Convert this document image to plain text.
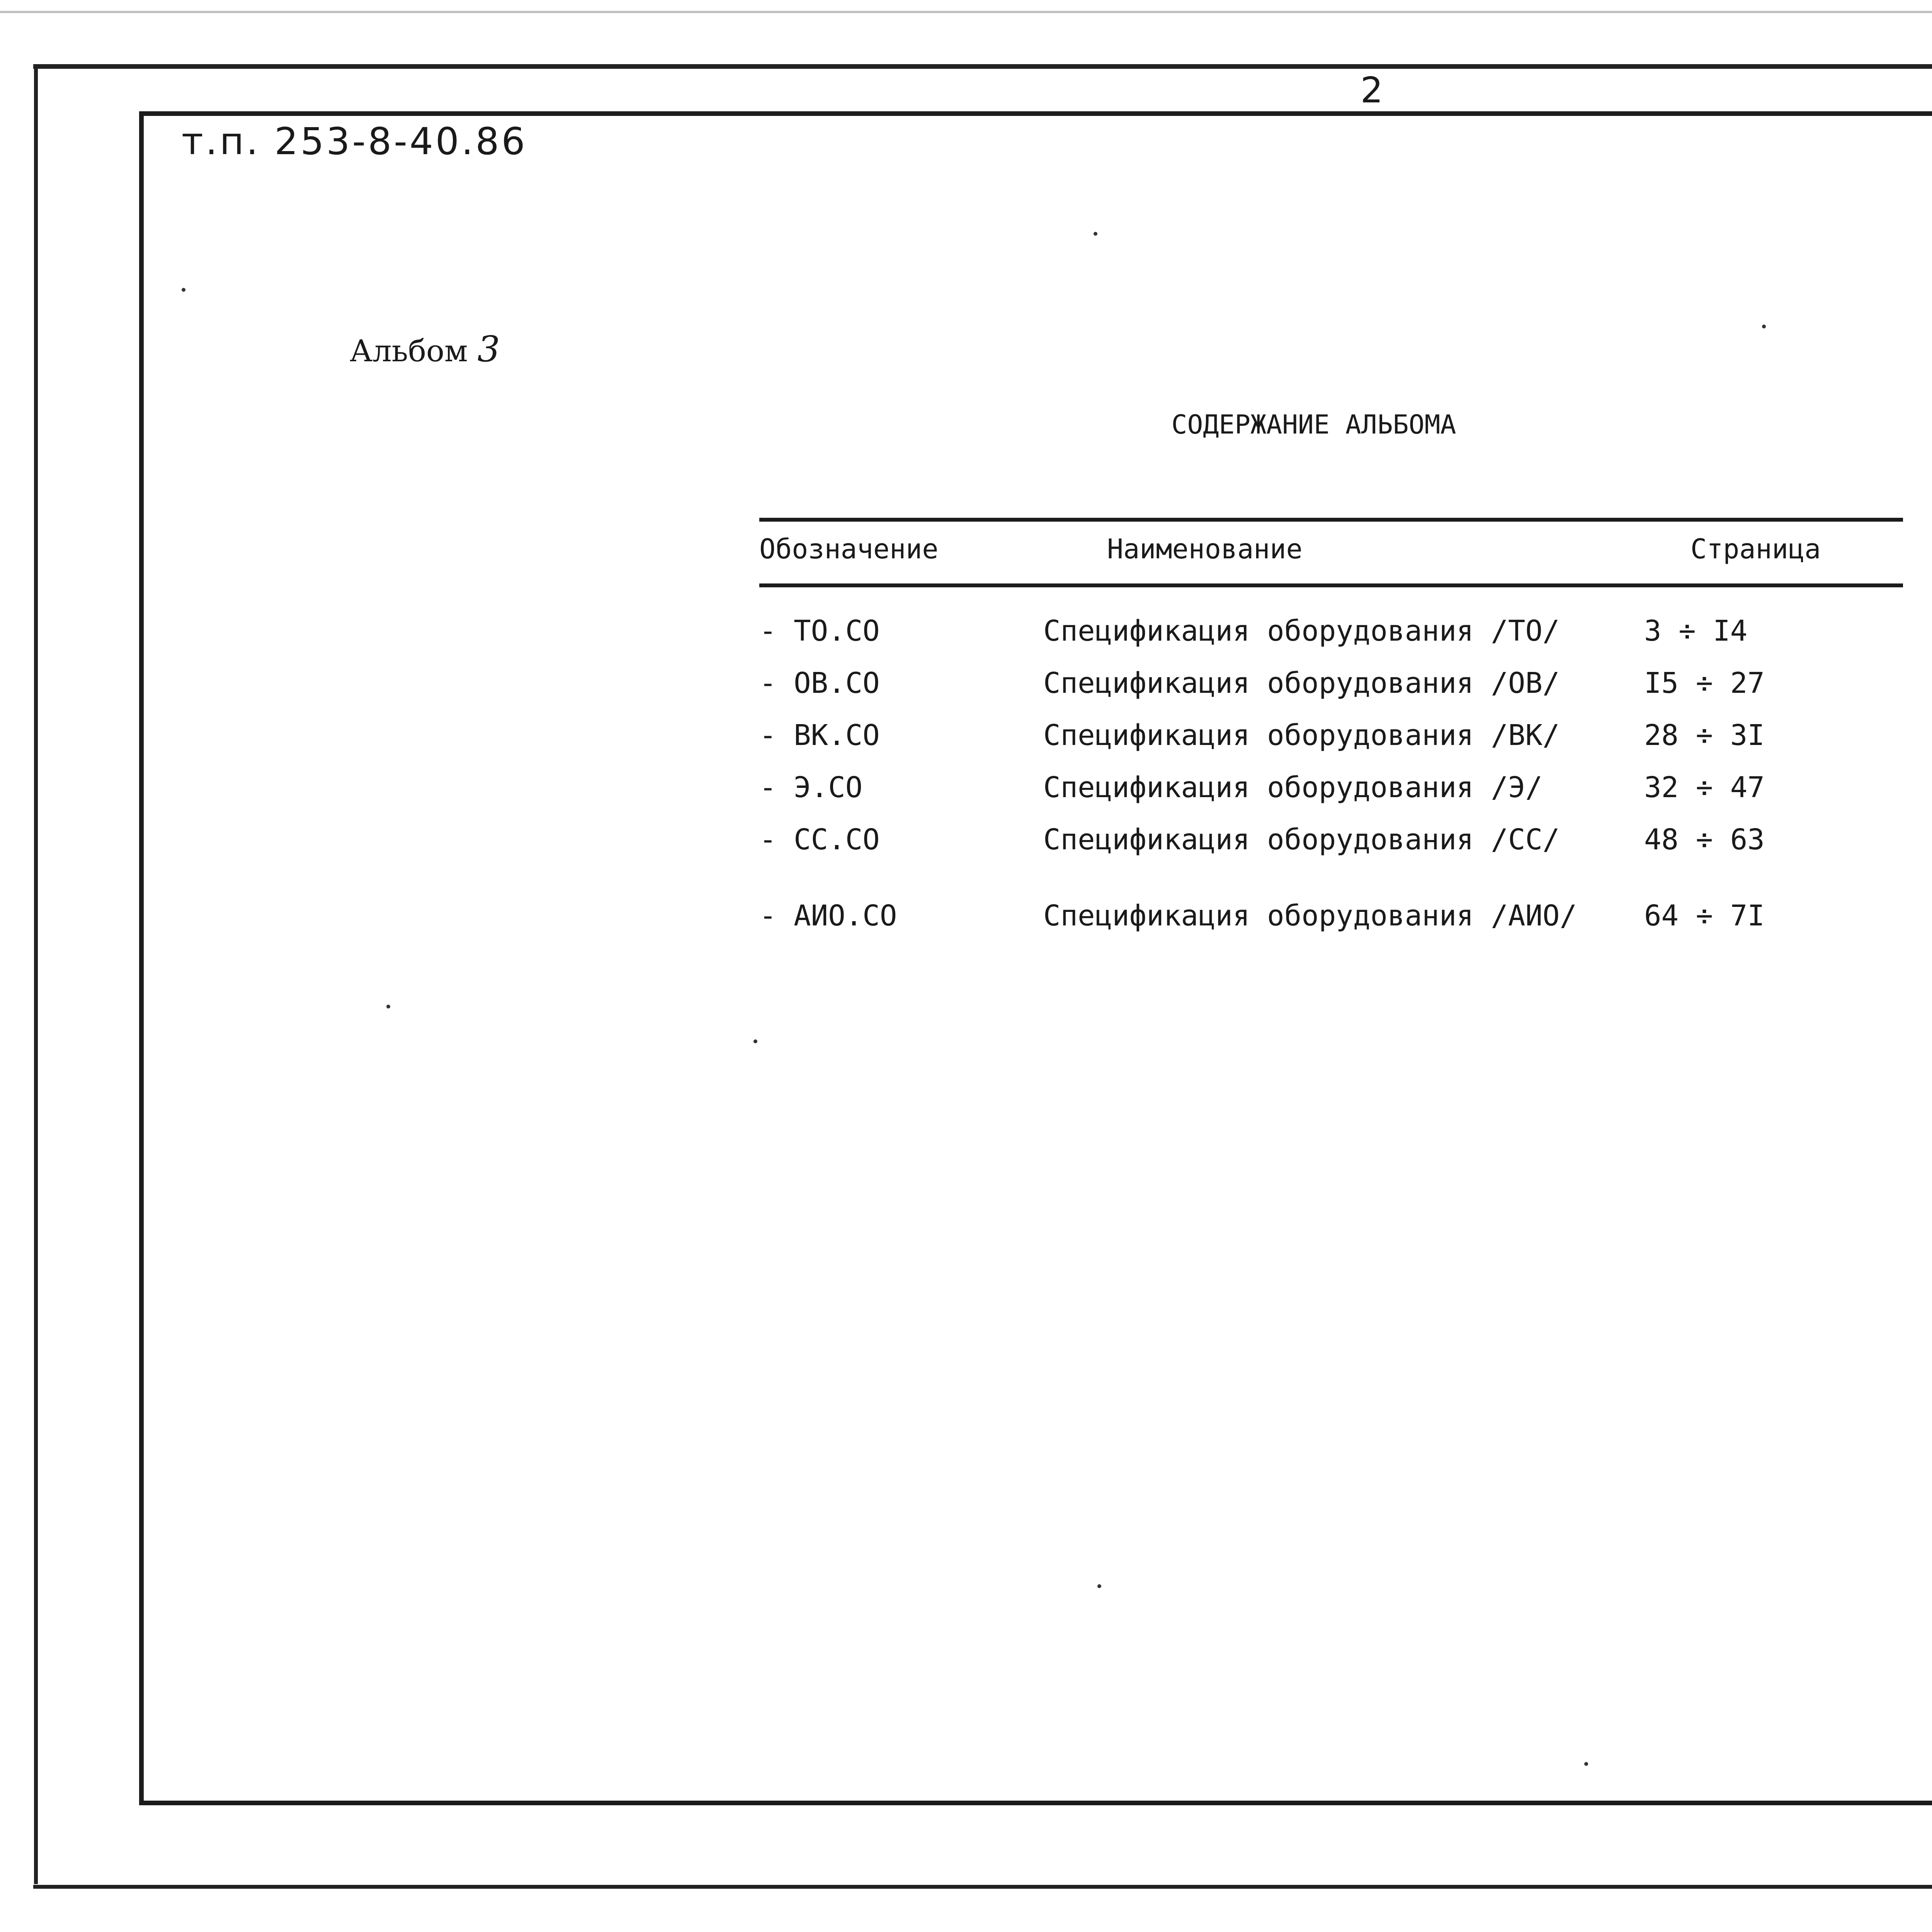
2
т.п. 253-8-40.86
Альбом 3
СОДЕРЖАНИЕ АЛЬБОМА
Обозначение	Наименование	Страница
- ТО.СО	Спецификация оборудования /ТО/	3 ÷ I4
- ОВ.СО	Спецификация оборудования /ОВ/	I5 ÷ 27
- ВК.СО	Спецификация оборудования /ВК/	28 ÷ 3I
- Э.СО	Спецификация оборудования /Э/	32 ÷ 47
- СС.СО	Спецификация оборудования /СС/	48 ÷ 63
- АИО.СО	Спецификация оборудования /АИО/ 64 ÷ 7I
